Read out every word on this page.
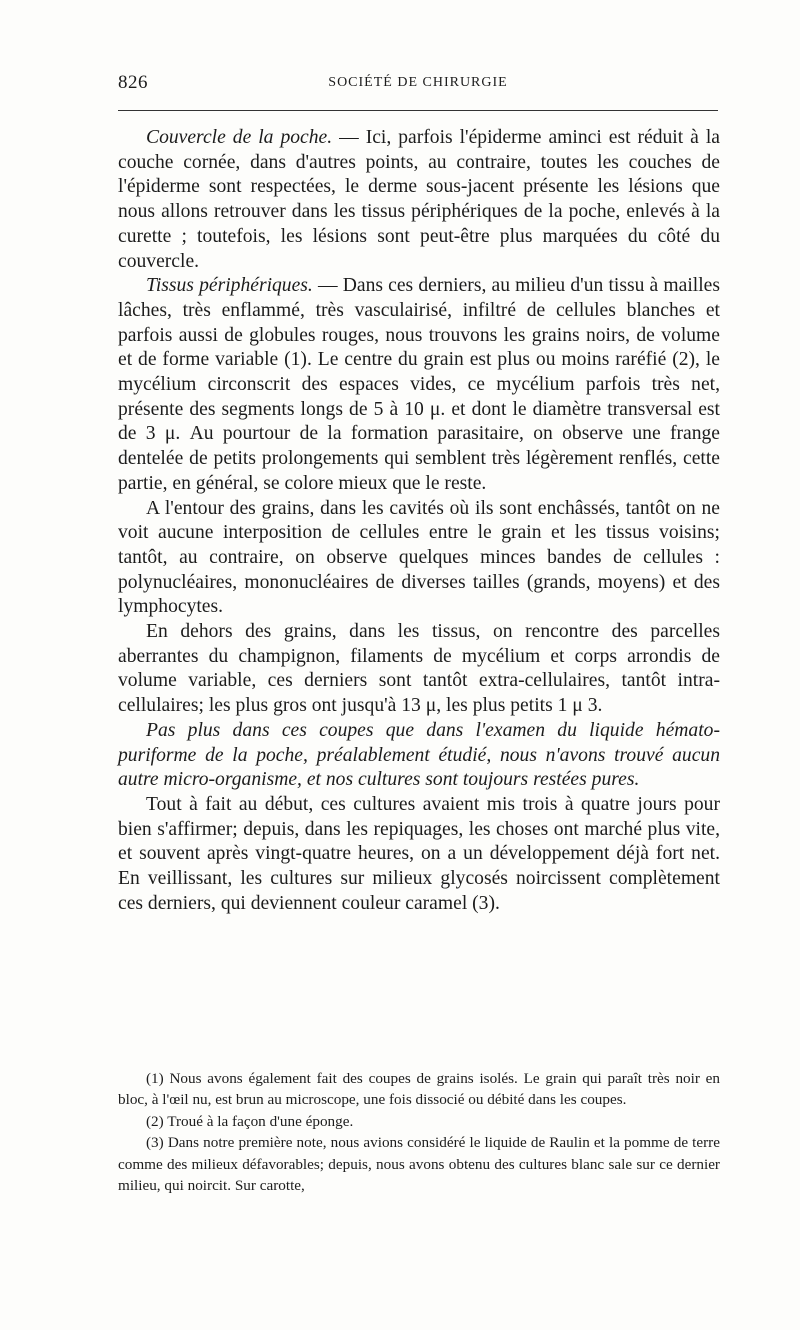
826	SOCIÉTÉ DE CHIRURGIE

Couvercle de la poche. — Ici, parfois l'épiderme aminci est réduit à la couche cornée, dans d'autres points, au contraire, toutes les couches de l'épiderme sont respectées, le derme sous-jacent présente les lésions que nous allons retrouver dans les tissus périphériques de la poche, enlevés à la curette ; toutefois, les lésions sont peut-être plus marquées du côté du couvercle.

Tissus périphériques. — Dans ces derniers, au milieu d'un tissu à mailles lâches, très enflammé, très vasculairisé, infiltré de cellules blanches et parfois aussi de globules rouges, nous trouvons les grains noirs, de volume et de forme variable (1). Le centre du grain est plus ou moins raréfié (2), le mycélium circonscrit des espaces vides, ce mycélium parfois très net, présente des segments longs de 5 à 10 μ. et dont le diamètre transversal est de 3 μ. Au pourtour de la formation parasitaire, on observe une frange dentelée de petits prolongements qui semblent très légèrement renflés, cette partie, en général, se colore mieux que le reste.

A l'entour des grains, dans les cavités où ils sont enchâssés, tantôt on ne voit aucune interposition de cellules entre le grain et les tissus voisins; tantôt, au contraire, on observe quelques minces bandes de cellules : polynucléaires, mononucléaires de diverses tailles (grands, moyens) et des lymphocytes.

En dehors des grains, dans les tissus, on rencontre des parcelles aberrantes du champignon, filaments de mycélium et corps arrondis de volume variable, ces derniers sont tantôt extra-cellulaires, tantôt intra-cellulaires; les plus gros ont jusqu'à 13 μ, les plus petits 1 μ 3.

Pas plus dans ces coupes que dans l'examen du liquide hémato-puriforme de la poche, préalablement étudié, nous n'avons trouvé aucun autre micro-organisme, et nos cultures sont toujours restées pures.

Tout à fait au début, ces cultures avaient mis trois à quatre jours pour bien s'affirmer; depuis, dans les repiquages, les choses ont marché plus vite, et souvent après vingt-quatre heures, on a un développement déjà fort net. En veillissant, les cultures sur milieux glycosés noircissent complètement ces derniers, qui deviennent couleur caramel (3).

(1) Nous avons également fait des coupes de grains isolés. Le grain qui paraît très noir en bloc, à l'œil nu, est brun au microscope, une fois dissocié ou débité dans les coupes.

(2) Troué à la façon d'une éponge.

(3) Dans notre première note, nous avions considéré le liquide de Raulin et la pomme de terre comme des milieux défavorables; depuis, nous avons obtenu des cultures blanc sale sur ce dernier milieu, qui noircit. Sur carotte,
